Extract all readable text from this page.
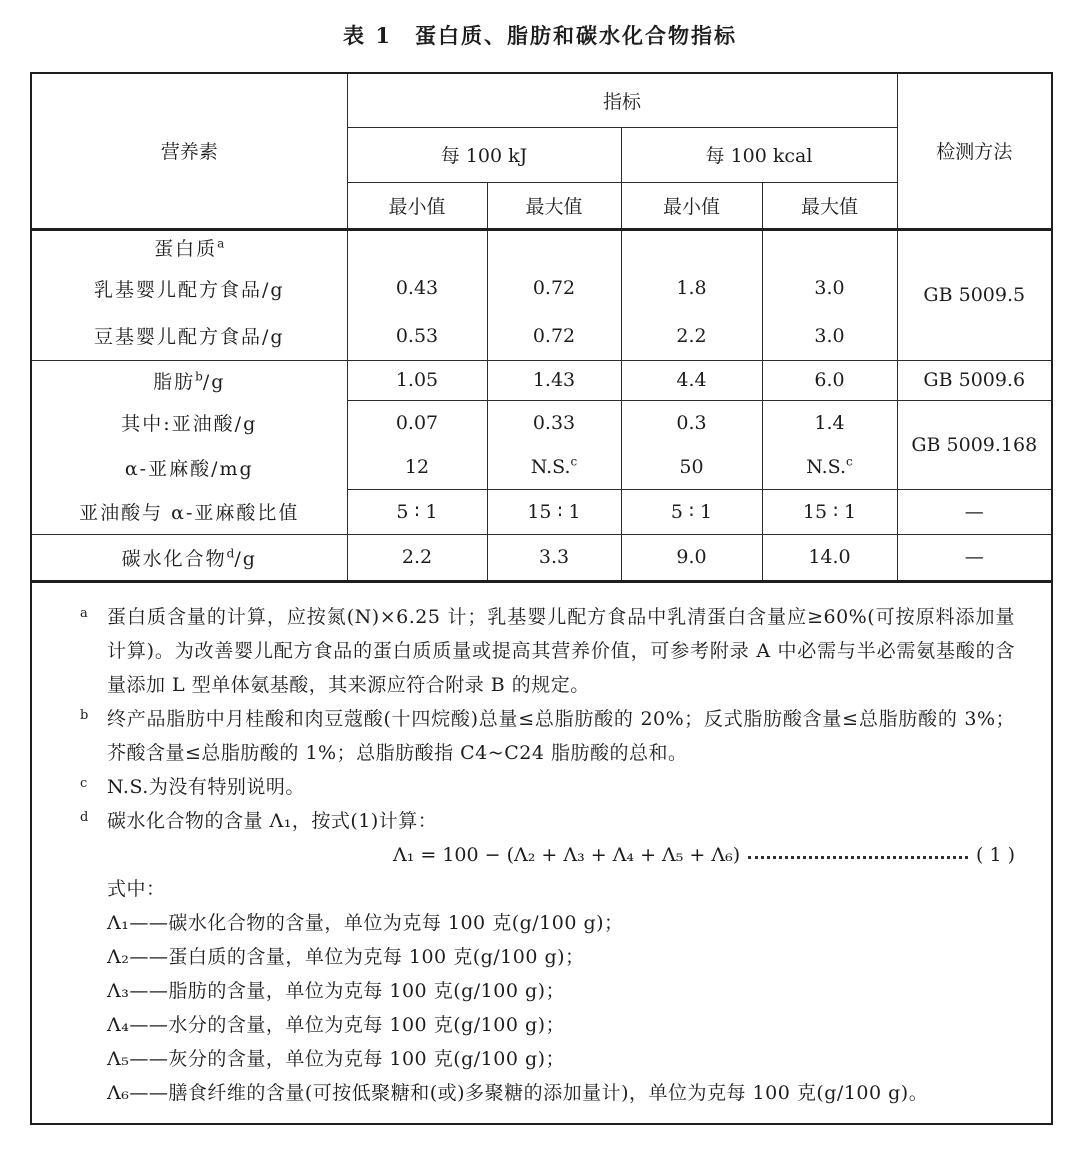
表 1　蛋白质、脂肪和碳水化合物指标
营养素	指标				检测方法
	每 100 kJ		每 100 kcal		
	最小值	最大值	最小值	最大值	
蛋白质$^a$					GB 5009.5
乳基婴儿配方食品/g	0.43	0.72	1.8	3.0	
豆基婴儿配方食品/g	0.53	0.72	2.2	3.0	
脂肪$^b$/g	1.05	1.43	4.4	6.0	GB 5009.6
其中:亚油酸/g	0.07	0.33	0.3	1.4	GB 5009.168
α-亚麻酸/mg	12	N.S.$^c$	50	N.S.$^c$
亚油酸与 α-亚麻酸比值	5 ∶ 1	15 ∶ 1	5 ∶ 1	15 ∶ 1	—
碳水化合物$^d$/g	2.2	3.3	9.0	14.0	—
a 蛋白质含量的计算，应按氮(N)×6.25 计；乳基婴儿配方食品中乳清蛋白含量应≥60%(可按原料添加量计算)。为改善婴儿配方食品的蛋白质质量或提高其营养价值，可参考附录 A 中必需与半必需氨基酸的含量添加 L 型单体氨基酸，其来源应符合附录 B 的规定。
b 终产品脂肪中月桂酸和肉豆蔻酸(十四烷酸)总量≤总脂肪酸的 20%；反式脂肪酸含量≤总脂肪酸的 3%；芥酸含量≤总脂肪酸的 1%；总脂肪酸指 C4~C24 脂肪酸的总和。
c N.S.为没有特别说明。
d 碳水化合物的含量 Λ₁，按式(1)计算：
Λ₁ = 100 − (Λ₂ + Λ₃ + Λ₄ + Λ₅ + Λ₆)	( 1 )
式中：
Λ₁——碳水化合物的含量，单位为克每 100 克(g/100 g)；
Λ₂——蛋白质的含量，单位为克每 100 克(g/100 g)；
Λ₃——脂肪的含量，单位为克每 100 克(g/100 g)；
Λ₄——水分的含量，单位为克每 100 克(g/100 g)；
Λ₅——灰分的含量，单位为克每 100 克(g/100 g)；
Λ₆——膳食纤维的含量(可按低聚糖和(或)多聚糖的添加量计)，单位为克每 100 克(g/100 g)。
